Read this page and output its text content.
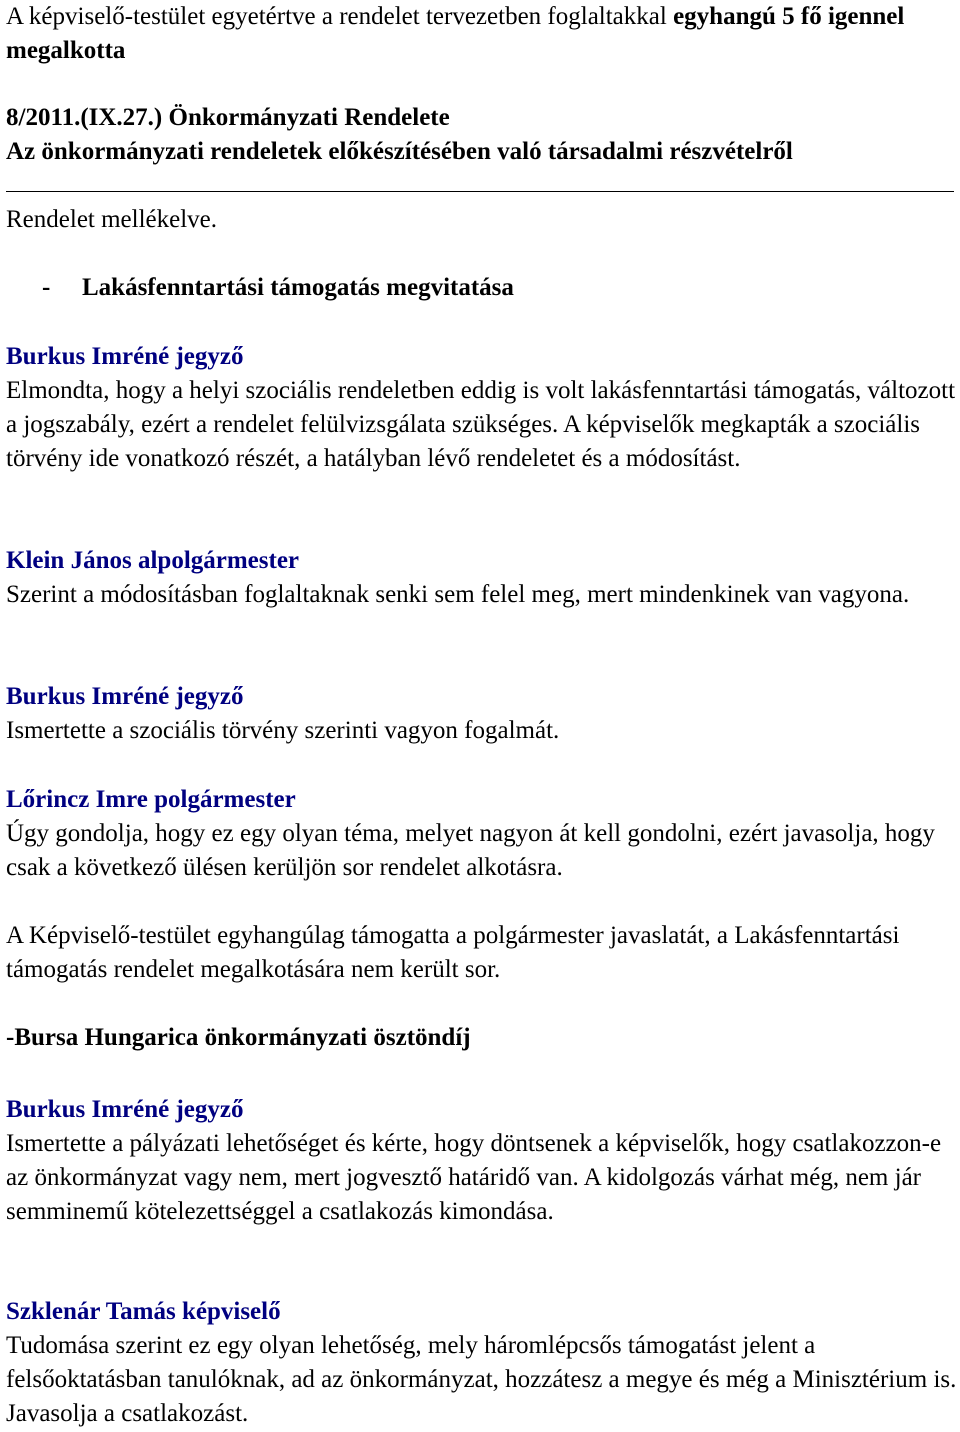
A képviselő-testület egyetértve a rendelet tervezetben foglaltakkal egyhangú 5 fő igennel megalkotta

8/2011.(IX.27.) Önkormányzati Rendelete
Az önkormányzati rendeletek előkészítésében való társadalmi részvételről
Rendelet mellékelve.
- Lakásfenntartási támogatás megvitatása
Burkus Imréné jegyző

Elmondta, hogy a helyi szociális rendeletben eddig is volt lakásfenntartási támogatás, változott a jogszabály, ezért a rendelet felülvizsgálata szükséges. A képviselők megkapták a szociális törvény ide vonatkozó részét, a hatályban lévő rendeletet és a módosítást.

Klein János alpolgármester

Szerint a módosításban foglaltaknak senki sem felel meg, mert mindenkinek van vagyona.

Burkus Imréné jegyző

Ismertette a szociális törvény szerinti vagyon fogalmát.

Lőrincz Imre polgármester

Úgy gondolja, hogy ez egy olyan téma, melyet nagyon át kell gondolni, ezért javasolja, hogy csak a következő ülésen kerüljön sor rendelet alkotásra.

A Képviselő-testület egyhangúlag támogatta a polgármester javaslatát, a Lakásfenntartási támogatás rendelet megalkotására nem került sor.

-Bursa Hungarica önkormányzati ösztöndíj
Burkus Imréné jegyző

Ismertette a pályázati lehetőséget és kérte, hogy döntsenek a képviselők, hogy csatlakozzon-e az önkormányzat vagy nem, mert jogvesztő határidő van. A kidolgozás várhat még, nem jár semminemű kötelezettséggel a csatlakozás kimondása.

Szklenár Tamás képviselő

Tudomása szerint ez egy olyan lehetőség, mely háromlépcsős támogatást jelent a felsőoktatásban tanulóknak, ad az önkormányzat, hozzátesz a megye és még a Minisztérium is. Javasolja a csatlakozást.
